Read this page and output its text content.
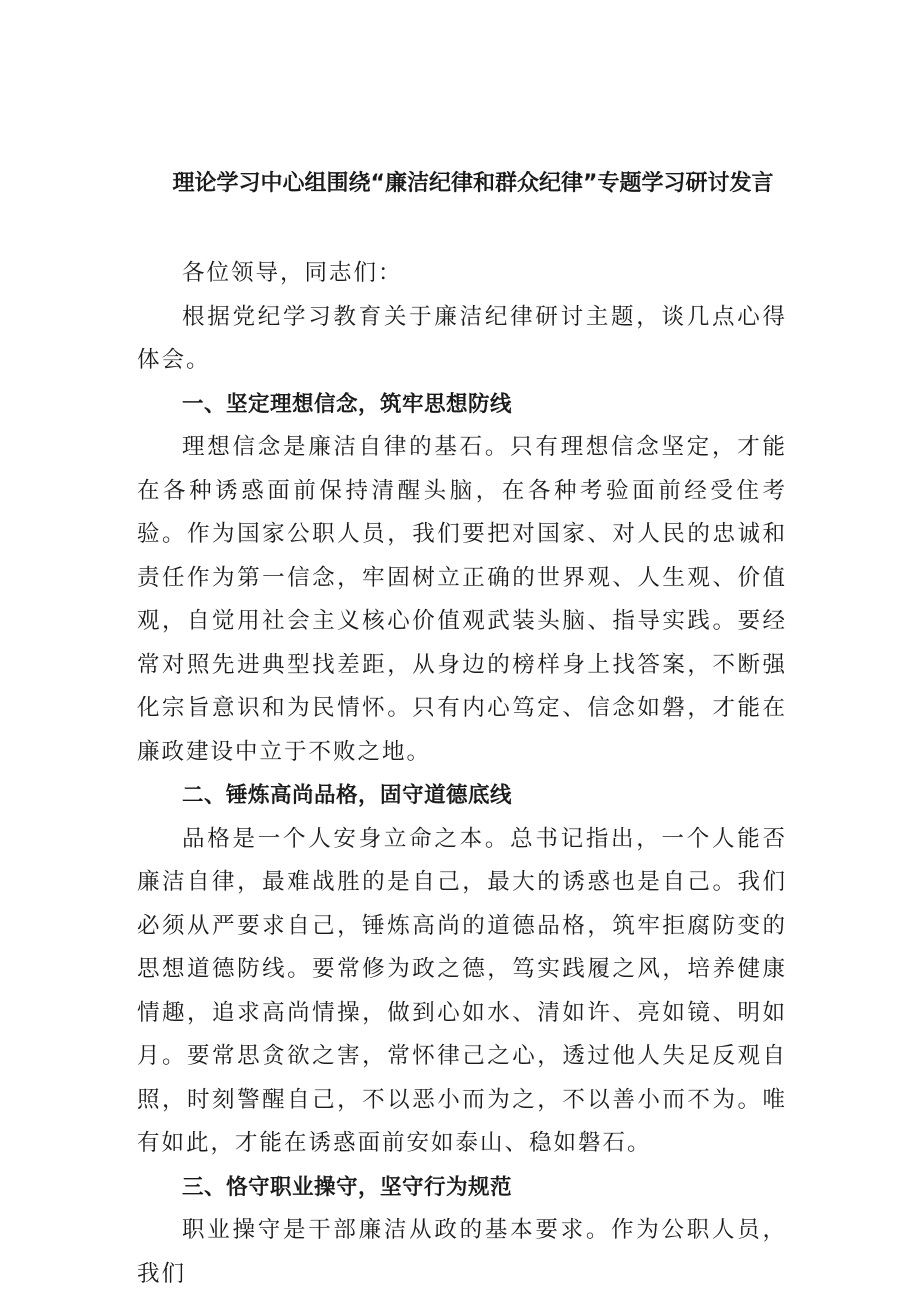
理论学习中心组围绕“廉洁纪律和群众纪律”专题学习研讨发言

各位领导，同志们：

根据党纪学习教育关于廉洁纪律研讨主题，谈几点心得体会。

一、坚定理想信念，筑牢思想防线

理想信念是廉洁自律的基石。只有理想信念坚定，才能在各种诱惑面前保持清醒头脑，在各种考验面前经受住考验。作为国家公职人员，我们要把对国家、对人民的忠诚和责任作为第一信念，牢固树立正确的世界观、人生观、价值观，自觉用社会主义核心价值观武装头脑、指导实践。要经常对照先进典型找差距，从身边的榜样身上找答案，不断强化宗旨意识和为民情怀。只有内心笃定、信念如磐，才能在廉政建设中立于不败之地。

二、锤炼高尚品格，固守道德底线

品格是一个人安身立命之本。总书记指出，一个人能否廉洁自律，最难战胜的是自己，最大的诱惑也是自己。我们必须从严要求自己，锤炼高尚的道德品格，筑牢拒腐防变的思想道德防线。要常修为政之德，笃实践履之风，培养健康情趣，追求高尚情操，做到心如水、清如许、亮如镜、明如月。要常思贪欲之害，常怀律己之心，透过他人失足反观自照，时刻警醒自己，不以恶小而为之，不以善小而不为。唯有如此，才能在诱惑面前安如泰山、稳如磐石。

三、恪守职业操守，坚守行为规范

职业操守是干部廉洁从政的基本要求。作为公职人员，我们
